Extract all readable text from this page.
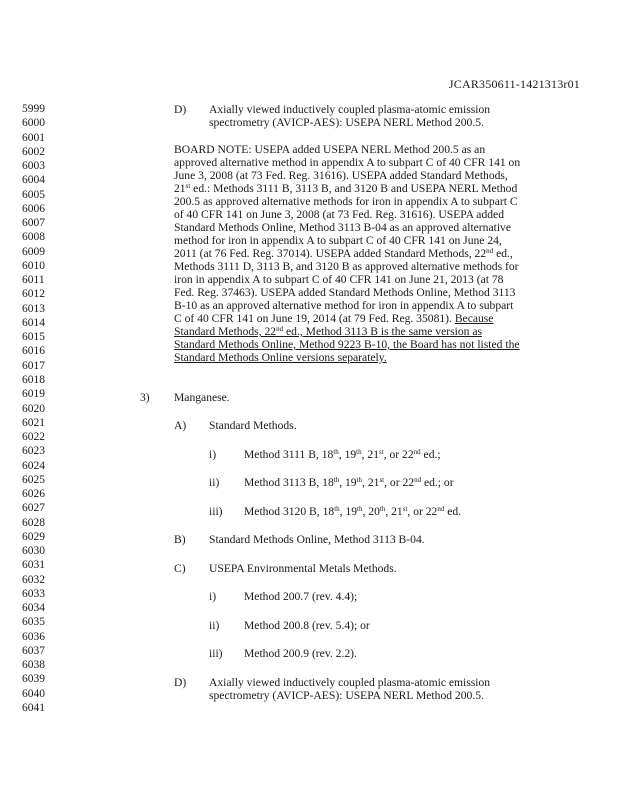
JCAR350611-1421313r01
5999
6000
6001
6002
6003
6004
6005
6006
6007
6008
6009
6010
6011
6012
6013
6014
6015
6016
6017
6018
6019
6020
6021
6022
6023
6024
6025
6026
6027
6028
6029
6030
6031
6032
6033
6034
6035
6036
6037
6038
6039
6040
6041
D) Axially viewed inductively coupled plasma-atomic emission
spectrometry (AVICP-AES): USEPA NERL Method 200.5.
BOARD NOTE: USEPA added USEPA NERL Method 200.5 as an
approved alternative method in appendix A to subpart C of 40 CFR 141 on
June 3, 2008 (at 73 Fed. Reg. 31616). USEPA added Standard Methods,
21st ed.: Methods 3111 B, 3113 B, and 3120 B and USEPA NERL Method
200.5 as approved alternative methods for iron in appendix A to subpart C
of 40 CFR 141 on June 3, 2008 (at 73 Fed. Reg. 31616). USEPA added
Standard Methods Online, Method 3113 B-04 as an approved alternative
method for iron in appendix A to subpart C of 40 CFR 141 on June 24,
2011 (at 76 Fed. Reg. 37014). USEPA added Standard Methods, 22nd ed.,
Methods 3111 D, 3113 B, and 3120 B as approved alternative methods for
iron in appendix A to subpart C of 40 CFR 141 on June 21, 2013 (at 78
Fed. Reg. 37463). USEPA added Standard Methods Online, Method 3113
B-10 as an approved alternative method for iron in appendix A to subpart
C of 40 CFR 141 on June 19, 2014 (at 79 Fed. Reg. 35081). Because
Standard Methods, 22nd ed., Method 3113 B is the same version as
Standard Methods Online, Method 9223 B-10, the Board has not listed the
Standard Methods Online versions separately.
3) Manganese.
A) Standard Methods.
i) Method 3111 B, 18th, 19th, 21st, or 22nd ed.;
ii) Method 3113 B, 18th, 19th, 21st, or 22nd ed.; or
iii) Method 3120 B, 18th, 19th, 20th, 21st, or 22nd ed.
B) Standard Methods Online, Method 3113 B-04.
C) USEPA Environmental Metals Methods.
i) Method 200.7 (rev. 4.4);
ii) Method 200.8 (rev. 5.4); or
iii) Method 200.9 (rev. 2.2).
D) Axially viewed inductively coupled plasma-atomic emission
spectrometry (AVICP-AES): USEPA NERL Method 200.5.
